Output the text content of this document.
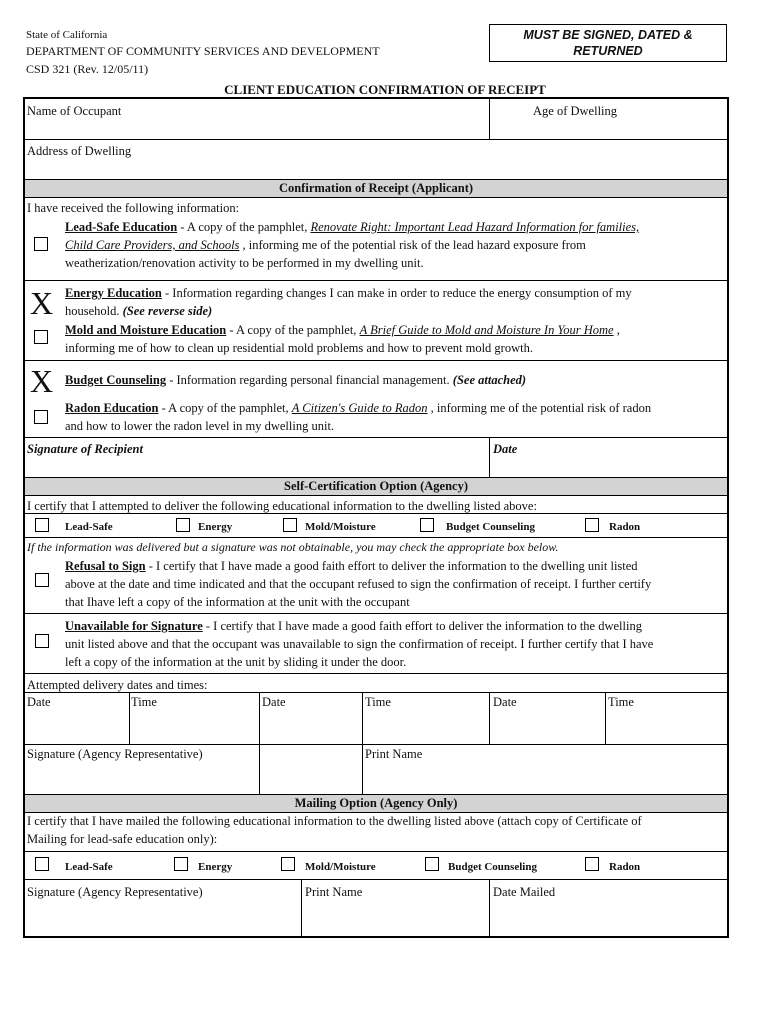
State of California
DEPARTMENT OF COMMUNITY SERVICES AND DEVELOPMENT
CSD 321 (Rev. 12/05/11)
MUST BE SIGNED, DATED &
RETURNED
CLIENT EDUCATION CONFIRMATION OF RECEIPT
Name of Occupant	Age of Dwelling
Address of Dwelling
Confirmation of Receipt (Applicant)
I have received the following information:
Lead-Safe Education - A copy of the pamphlet, Renovate Right: Important Lead Hazard Information for families,
Child Care Providers, and Schools , informing me of the potential risk of the lead hazard exposure from
weatherization/renovation activity to be performed in my dwelling unit.
X Energy Education - Information regarding changes I can make in order to reduce the energy consumption of my
household. (See reverse side)
Mold and Moisture Education - A copy of the pamphlet, A Brief Guide to Mold and Moisture In Your Home ,
informing me of how to clean up residential mold problems and how to prevent mold growth.
X Budget Counseling - Information regarding personal financial management. (See attached)
Radon Education - A copy of the pamphlet, A Citizen's Guide to Radon , informing me of the potential risk of radon
and how to lower the radon level in my dwelling unit.
Signature of Recipient	Date
Self-Certification Option (Agency)
I certify that I attempted to deliver the following educational information to the dwelling listed above:
Lead-Safe	Energy	Mold/Moisture	Budget Counseling	Radon
If the information was delivered but a signature was not obtainable, you may check the appropriate box below.
Refusal to Sign - I certify that I have made a good faith effort to deliver the information to the dwelling unit listed
above at the date and time indicated and that the occupant refused to sign the confirmation of receipt. I further certify
that Ihave left a copy of the information at the unit with the occupant
Unavailable for Signature - I certify that I have made a good faith effort to deliver the information to the dwelling
unit listed above and that the occupant was unavailable to sign the confirmation of receipt. I further certify that I have
left a copy of the information at the unit by sliding it under the door.
Attempted delivery dates and times:
Date	Time	Date	Time	Date	Time
Signature (Agency Representative)	Print Name
Mailing Option (Agency Only)
I certify that I have mailed the following educational information to the dwelling listed above (attach copy of Certificate of
Mailing for lead-safe education only):
Lead-Safe	Energy	Mold/Moisture	Budget Counseling	Radon
Signature (Agency Representative)	Print Name	Date Mailed
